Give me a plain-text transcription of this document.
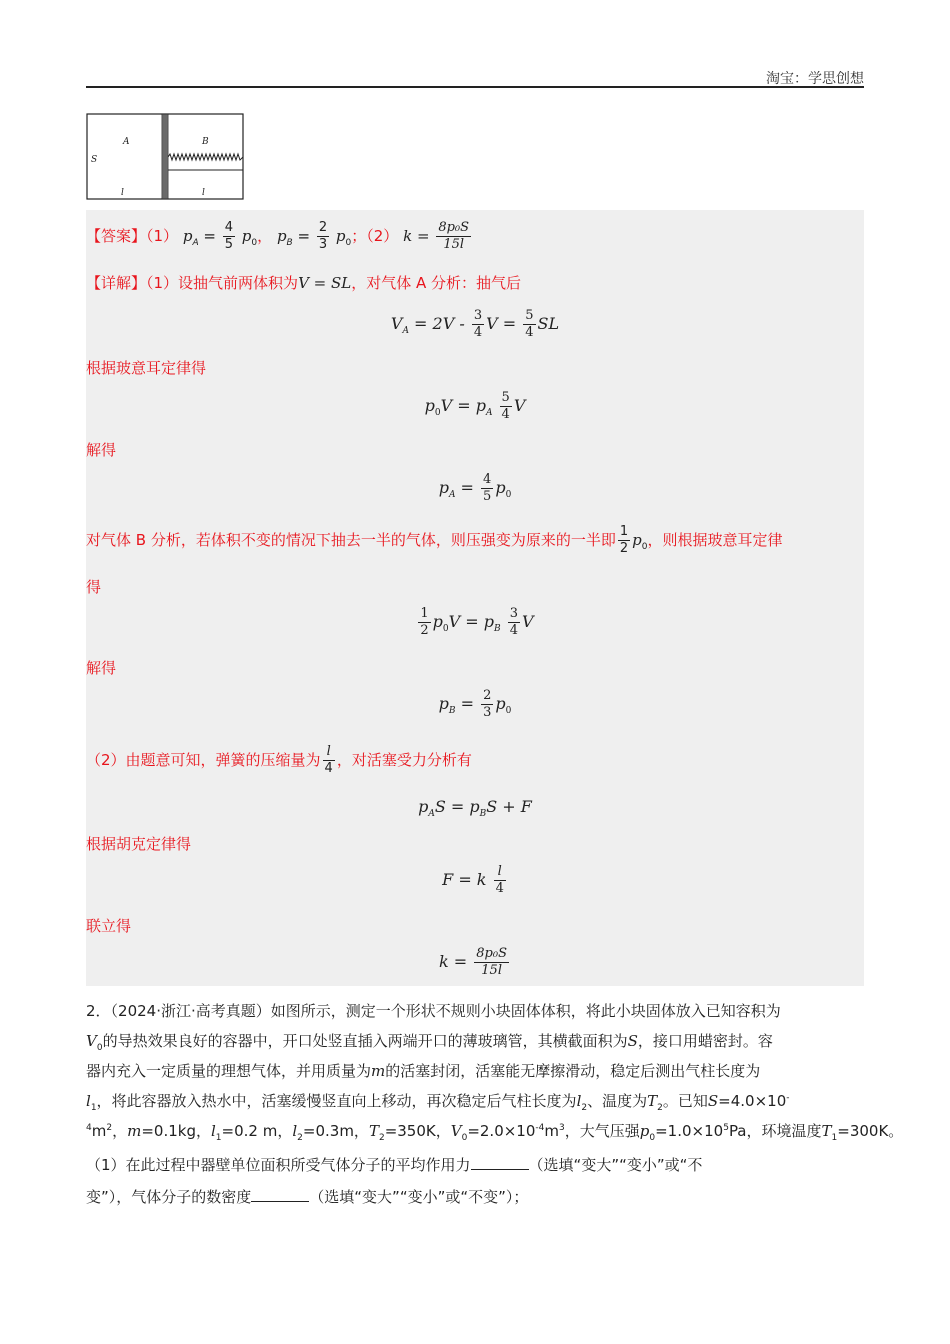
淘宝：学思创想
A	B
S
l	l
【答案】（1） $p_A = \frac{4}{5} p_0$， $p_B = \frac{2}{3} p_0$；（2） $k = \frac{\text{8p₀S}}{15l}$
【详解】（1）设抽气前两体积为V = SL，对气体 A 分析：抽气后
$V_A = 2V - \frac{3}{4}$ $V = \frac{5}{4}$ SL
根据玻意耳定律得
$p_0V = p_A \frac{5}{4}$ V
解得
$p_A = \frac{4}{5} p_0$
对气体 B 分析，若体积不变的情况下抽去一半的气体，则压强变为原来的一半即 $\frac{1}{2} p_0$，则根据玻意耳定律
得
$\frac{1}{2} p_0V = p_B \frac{3}{4}$ V
解得
$p_B = \frac{2}{3} p_0$
（2）由题意可知，弹簧的压缩量为 $\frac{l}{4}$ ，对活塞受力分析有
$p_AS = p_BS + F$
根据胡克定律得
F = k $\frac{l}{4}$
联立得
$k = \frac{\text{8p₀S}}{15l}$
2．（2024·浙江·高考真题）如图所示，测定一个形状不规则小块固体体积，将此小块固体放入已知容积为
$V_0$的导热效果良好的容器中，开口处竖直插入两端开口的薄玻璃管，其横截面积为S，接口用蜡密封。容
器内充入一定质量的理想气体，并用质量为m的活塞封闭，活塞能无摩擦滑动，稳定后测出气柱长度为
$l_1$，将此容器放入热水中，活塞缓慢竖直向上移动，再次稳定后气柱长度为$l_2$、温度为$T_2$。已知S=4.0×10-
$^4m^2$，m=0.1kg，$l_1=0.2$ m，$l_2=0.3m$，$T_2=350K$，$V_0=2.0\times 10^{-4}m^3$，大气压强$p_0=1.0\times 10^5Pa$，环境温度$T_1=300K$。
（1）在此过程中器壁单位面积所受气体分子的平均作用力	（选填“变大”“变小”或“不
变”），气体分子的数密度	（选填“变大”“变小”或“不变”）；
